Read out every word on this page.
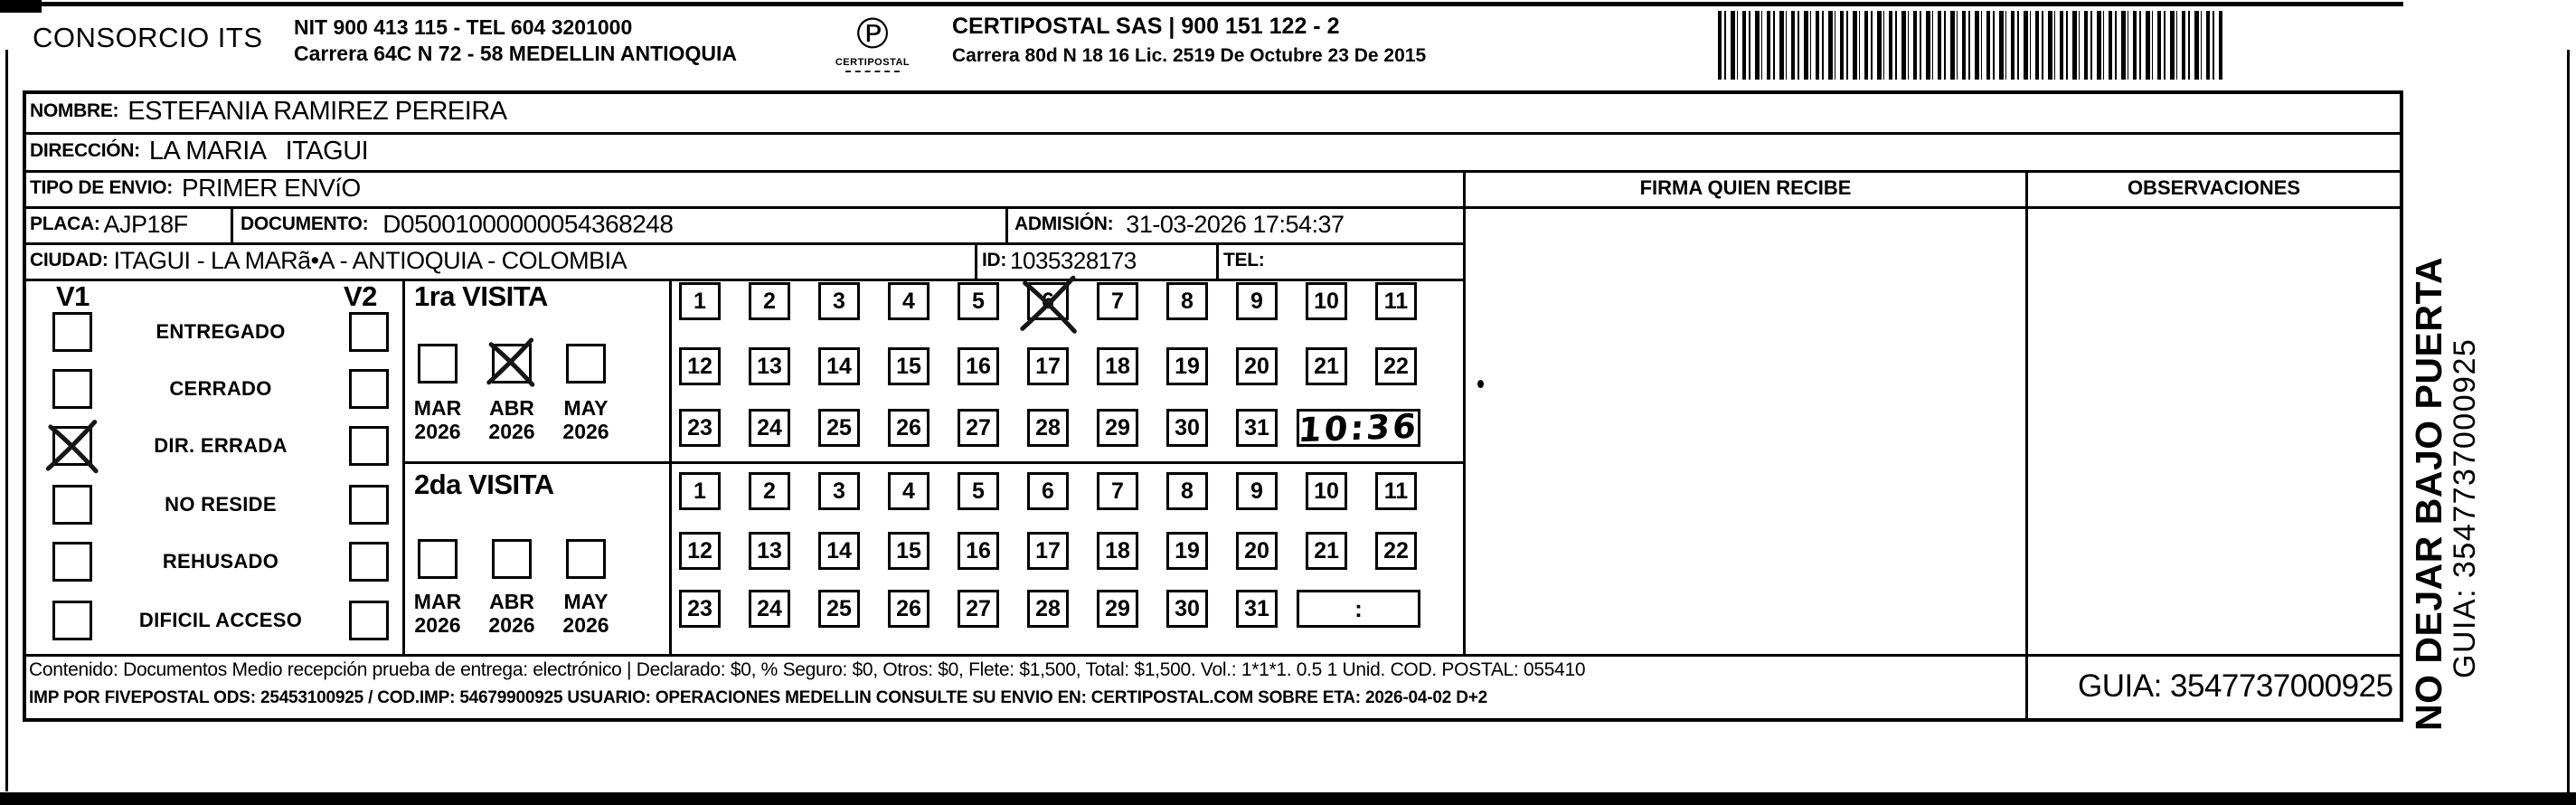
CONSORCIO ITS NIT 900 413 115 - TEL 604 3201000
Carrera 64C N 72 - 58 MEDELLIN ANTIOQUIA	℗
CERTIPOSTAL
CERTIPOSTAL SAS | 900 151 122 - 2
Carrera 80d N 18 16 Lic. 2519 De Octubre 23 De 2015
NOMBRE: ESTEFANIA RAMIREZ PEREIRA
DIRECCIÓN: LA MARIA   ITAGUI
TIPO DE ENVIO: PRIMER ENVíO
PLACA: AJP18F	DOCUMENTO: D05001000000054368248	ADMISIÓN: 31-03-2026 17:54:37
CIUDAD: ITAGUI - LA MARã•A - ANTIOQUIA - COLOMBIA	ID: 1035328173	TEL:
FIRMA QUIEN RECIBE	OBSERVACIONES
V1	V2
ENTREGADO
CERRADO
DIR. ERRADA
NO RESIDE
REHUSADO
DIFICIL ACCESO
1ra VISITA
MAR
2026
ABR
2026
MAY
2026
1	2	3	4	5	6	7	8	9	10	11
12	13	14	15	16	17	18	19	20	21	22
23	24	25	26	27	28	29	30	31 10:36
2da VISITA
MAR
2026
ABR
2026
MAY
2026
1	2	3	4	5	6	7	8	9	10	11
12	13	14	15	16	17	18	19	20	21	22
23	24	25	26	27	28	29	30	31	:
Contenido: Documentos Medio recepción prueba de entrega: electrónico | Declarado: $0, % Seguro: $0, Otros: $0, Flete: $1,500, Total: $1,500. Vol.: 1*1*1. 0.5 1 Unid. COD. POSTAL: 055410
IMP POR FIVEPOSTAL ODS: 25453100925 / COD.IMP: 54679900925 USUARIO: OPERACIONES MEDELLIN CONSULTE SU ENVIO EN: CERTIPOSTAL.COM SOBRE ETA: 2026-04-02 D+2	GUIA: 3547737000925 NO DEJAR BAJO PUERTA
GUIA: 3547737000925
